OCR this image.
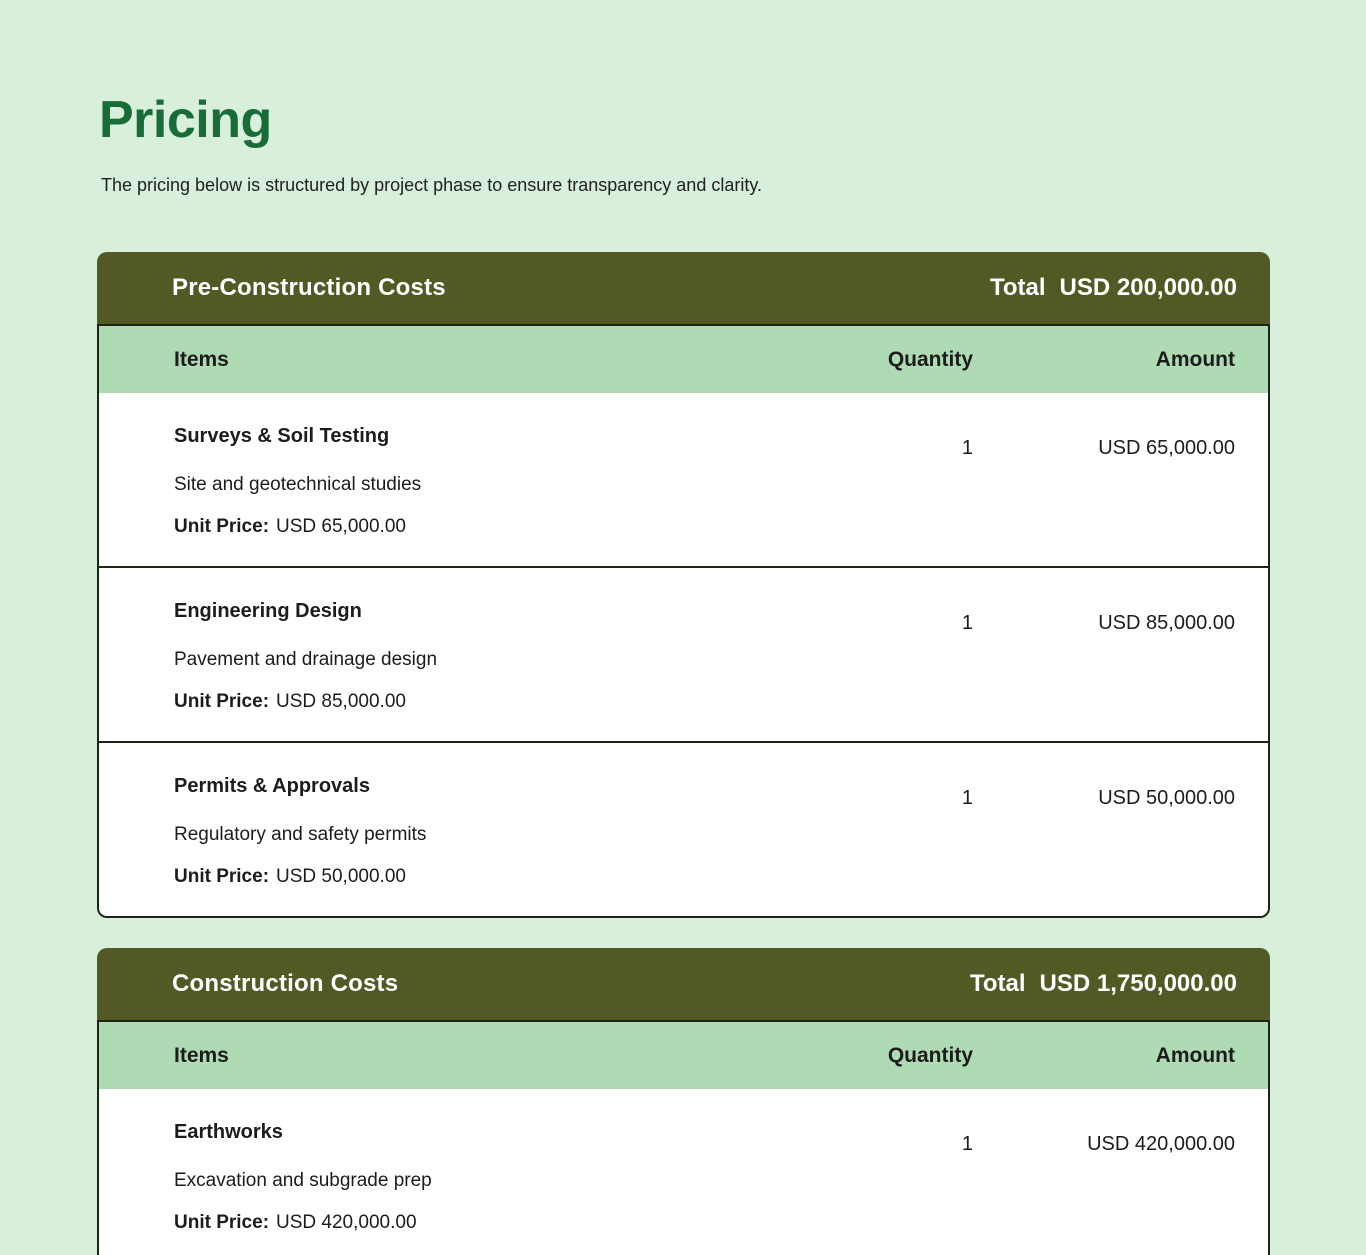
Pricing

The pricing below is structured by project phase to ensure transparency and clarity.

Pre-Construction Costs	Total USD 200,000.00
Items	Quantity	Amount
Surveys & Soil Testing
Site and geotechnical studies
Unit Price: USD 65,000.00
1	USD 65,000.00
Engineering Design
Pavement and drainage design
Unit Price: USD 85,000.00
1	USD 85,000.00
Permits & Approvals
Regulatory and safety permits
Unit Price: USD 50,000.00
1	USD 50,000.00
Construction Costs	Total USD 1,750,000.00
Items	Quantity	Amount
Earthworks
Excavation and subgrade prep
Unit Price: USD 420,000.00
1	USD 420,000.00
